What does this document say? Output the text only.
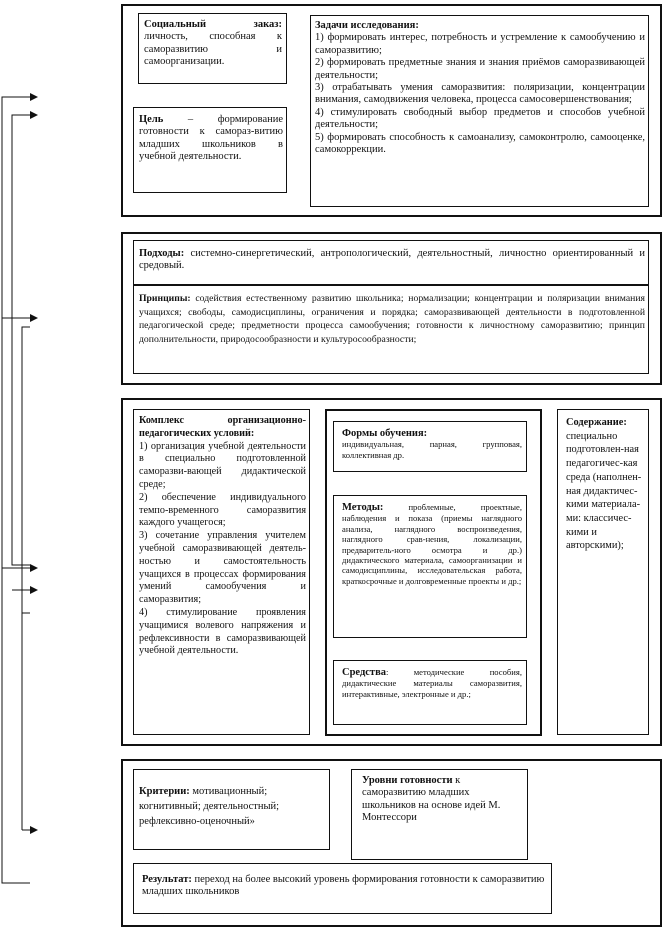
Социальный заказ: личность, способная к саморазвитию и самоорганизации.
Цель – формирование готовности к самораз-витию младших школьников в учебной деятельности.
Задачи исследования:
1) формировать интерес, потребность и устремление к самообучению и саморазвитию;
2) формировать предметные знания и знания приёмов саморазвивающей деятельности;
3) отрабатывать умения саморазвития: поляризации, концентрации внимания, самодвижения человека, процесса самосовершенствования;
4) стимулировать свободный выбор предметов и способов учебной деятельности;
5) формировать способность к самоанализу, самоконтролю, самооценке, самокоррекции.
Подходы: системно-синергетический, антропологический, деятельностный, личностно ориентированный и средовый.
Принципы: содействия естественному развитию школьника; нормализации; концентрации и поляризации внимания учащихся; свободы, самодисциплины, ограничения и порядка; саморазвивающей деятельности в подготовленной педагогической среде; предметности процесса самообучения; готовности к личностному саморазвитию; принцип дополнительности, природосообразности и культуросообразности;
Комплекс организационно-педагогических условий:
1) организация учебной деятельности в специально подготовленной саморазви-вающей дидактической среде;
2) обеспечение индивидуального темпо-временного саморазвития каждого учащегося;
3) сочетание управления учителем учебной саморазвивающей деятель-ностью и самостоятельность учащихся в процессах формирования умений самообучения и саморазвития;
4) стимулирование проявления учащимися волевого напряжения и рефлексивности в саморазвивающей учебной деятельности.
Формы обучения:
индивидуальная, парная, групповая, коллективная др.
Методы:	проблемные, проектные, наблюдения и показа (приемы наглядного анализа, наглядного воспроизведения, наглядного срав-нения, локализации, предваритель-ного осмотра и др.) дидактического материала, самоорганизации и самодисциплины, исследовательская работа, краткосрочные и долговременные проекты и др.;
Средства: методические пособия, дидактические материалы саморазвития, интерактивные, электронные и др.;
Содержание:
специально подготовлен-ная педагогичес-кая среда (наполнен-ная дидактичес-кими материала-ми: классичес-кими и авторскими);
Критерии: мотивационный; когнитивный; деятельностный; рефлексивно-оценочный»
Уровни готовности к саморазвитию младших школьников на основе идей М. Монтессори
Результат: переход на более высокий уровень формирования готовности к саморазвитию младших школьников
